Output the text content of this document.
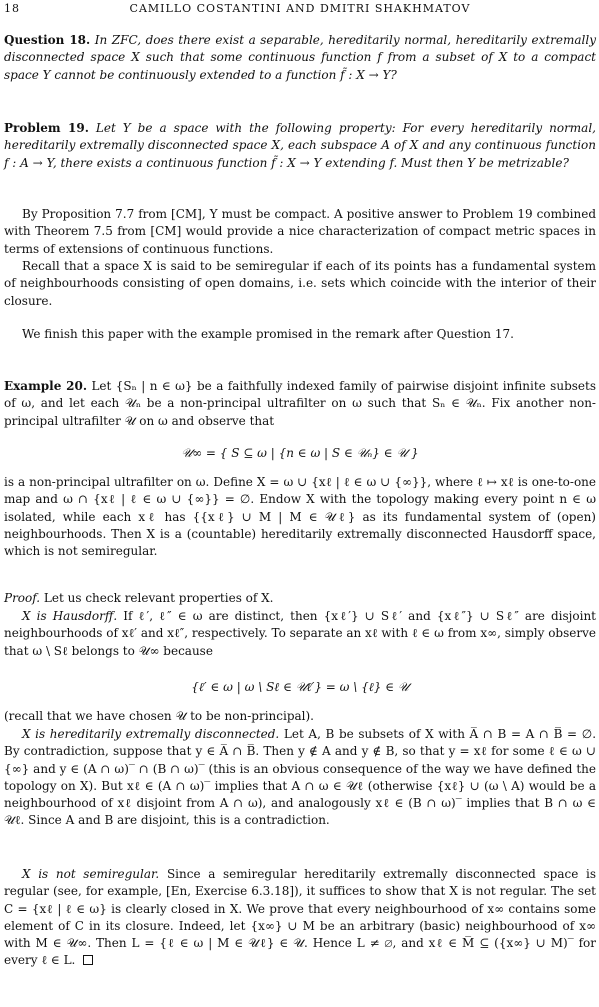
18	CAMILLO COSTANTINI AND DMITRI SHAKHMATOV
Question 18. In ZFC, does there exist a separable, hereditarily normal, hereditarily extremally disconnected space X such that some continuous function f from a subset of X to a compact space Y cannot be continuously extended to a function f̃ : X → Y?
Problem 19. Let Y be a space with the following property: For every hereditarily normal, hereditarily extremally disconnected space X, each subspace A of X and any continuous function f : A → Y, there exists a continuous function f̃ : X → Y extending f. Must then Y be metrizable?
By Proposition 7.7 from [CM], Y must be compact. A positive answer to Problem 19 combined with Theorem 7.5 from [CM] would provide a nice characterization of compact metric spaces in terms of extensions of continuous functions.
Recall that a space X is said to be semiregular if each of its points has a fundamental system of neighbourhoods consisting of open domains, i.e. sets which coincide with the interior of their closure.
We finish this paper with the example promised in the remark after Question 17.
Example 20. Let {Sₙ | n ∈ ω} be a faithfully indexed family of pairwise disjoint infinite subsets of ω, and let each 𝒰ₙ be a non-principal ultrafilter on ω such that Sₙ ∈ 𝒰ₙ. Fix another non-principal ultrafilter 𝒰 on ω and observe that
𝒰∞ = { S ⊆ ω | {n ∈ ω | S ∈ 𝒰ₙ} ∈ 𝒰 }
is a non-principal ultrafilter on ω. Define X = ω ∪ {xℓ | ℓ ∈ ω ∪ {∞}}, where ℓ ↦ xℓ is one-to-one map and ω ∩ {xℓ | ℓ ∈ ω ∪ {∞}} = ∅. Endow X with the topology making every point n ∈ ω isolated, while each xℓ has {{xℓ} ∪ M | M ∈ 𝒰ℓ} as its fundamental system of (open) neighbourhoods. Then X is a (countable) hereditarily extremally disconnected Hausdorff space, which is not semiregular.
Proof. Let us check relevant properties of X.
X is Hausdorff. If ℓ′, ℓ″ ∈ ω are distinct, then {xℓ′} ∪ Sℓ′ and {xℓ″} ∪ Sℓ″ are disjoint neighbourhoods of xℓ′ and xℓ″, respectively. To separate an xℓ with ℓ ∈ ω from x∞, simply observe that ω \ Sℓ belongs to 𝒰∞ because
{ℓ′ ∈ ω | ω \ Sℓ ∈ 𝒰ℓ′} = ω \ {ℓ} ∈ 𝒰
(recall that we have chosen 𝒰 to be non-principal).
X is hereditarily extremally disconnected. Let A, B be subsets of X with A̅ ∩ B = A ∩ B̅ = ∅. By contradiction, suppose that y ∈ A̅ ∩ B̅. Then y ∉ A and y ∉ B, so that y = xℓ for some ℓ ∈ ω ∪ {∞} and y ∈ (A ∩ ω)‾ ∩ (B ∩ ω)‾ (this is an obvious consequence of the way we have defined the topology on X). But xℓ ∈ (A ∩ ω)‾ implies that A ∩ ω ∈ 𝒰ℓ (otherwise {xℓ} ∪ (ω \ A) would be a neighbourhood of xℓ disjoint from A ∩ ω), and analogously xℓ ∈ (B ∩ ω)‾ implies that B ∩ ω ∈ 𝒰ℓ. Since A and B are disjoint, this is a contradiction.
X is not semiregular. Since a semiregular hereditarily extremally disconnected space is regular (see, for example, [En, Exercise 6.3.18]), it suffices to show that X is not regular. The set C = {xℓ | ℓ ∈ ω} is clearly closed in X. We prove that every neighbourhood of x∞ contains some element of C in its closure. Indeed, let {x∞} ∪ M be an arbitrary (basic) neighbourhood of x∞ with M ∈ 𝒰∞. Then L = {ℓ ∈ ω | M ∈ 𝒰ℓ} ∈ 𝒰. Hence L ≠ ∅, and xℓ ∈ M̅ ⊆ ({x∞} ∪ M)‾ for every ℓ ∈ L.
